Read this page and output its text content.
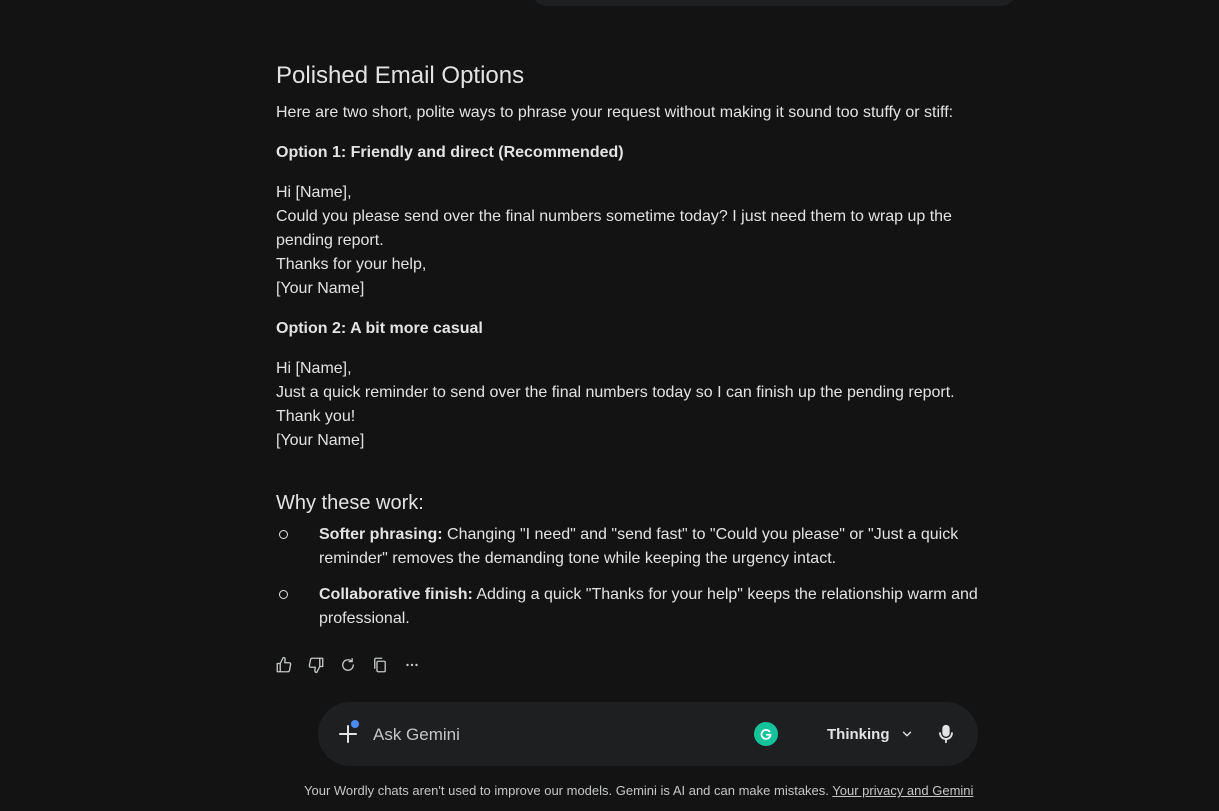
Polished Email Options

Here are two short, polite ways to phrase your request without making it sound too stuffy or stiff:

Option 1: Friendly and direct (Recommended)

Hi [Name],
Could you please send over the final numbers sometime today? I just need them to wrap up the pending report.
Thanks for your help,
[Your Name]

Option 2: A bit more casual

Hi [Name],
Just a quick reminder to send over the final numbers today so I can finish up the pending report.
Thank you!
[Your Name]

Why these work:
Softer phrasing: Changing "I need" and "send fast" to "Could you please" or "Just a quick reminder" removes the demanding tone while keeping the urgency intact.
Collaborative finish: Adding a quick "Thanks for your help" keeps the relationship warm and professional.
Ask Gemini
Thinking
Your Wordly chats aren't used to improve our models. Gemini is AI and can make mistakes. Your privacy and Gemini
